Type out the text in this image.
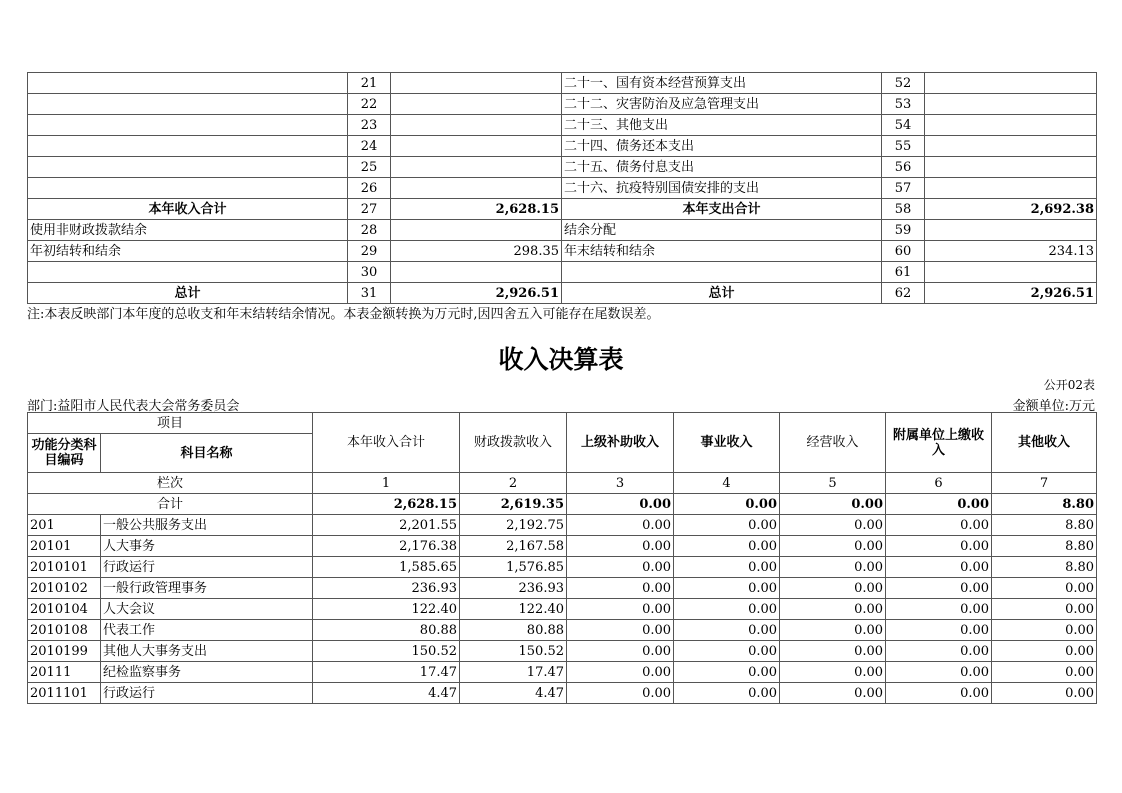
	21		二十一、国有资本经营预算支出	52	
	22		二十二、灾害防治及应急管理支出	53	
	23		二十三、其他支出	54	
	24		二十四、债务还本支出	55	
	25		二十五、债务付息支出	56	
	26		二十六、抗疫特别国债安排的支出	57	
本年收入合计	27	2,628.15	本年支出合计	58	2,692.38
使用非财政拨款结余	28		结余分配	59	
年初结转和结余	29	298.35	年末结转和结余	60	234.13
	30			61	
总计	31	2,926.51	总计	62	2,926.51
注:本表反映部门本年度的总收支和年末结转结余情况。本表金额转换为万元时,因四舍五入可能存在尾数误差。
收入决算表
公开02表
部门:益阳市人民代表大会常务委员会	金额单位:万元
项目		本年收入合计	财政拨款收入	上级补助收入	事业收入	经营收入	附属单位上缴收入	其他收入
功能分类科目编码	科目名称							
栏次		1	2	3	4	5	6	7
合计		2,628.15	2,619.35	0.00	0.00	0.00	0.00	8.80
201	一般公共服务支出	2,201.55	2,192.75	0.00	0.00	0.00	0.00	8.80
20101	人大事务	2,176.38	2,167.58	0.00	0.00	0.00	0.00	8.80
2010101	行政运行	1,585.65	1,576.85	0.00	0.00	0.00	0.00	8.80
2010102	一般行政管理事务	236.93	236.93	0.00	0.00	0.00	0.00	0.00
2010104	人大会议	122.40	122.40	0.00	0.00	0.00	0.00	0.00
2010108	代表工作	80.88	80.88	0.00	0.00	0.00	0.00	0.00
2010199	其他人大事务支出	150.52	150.52	0.00	0.00	0.00	0.00	0.00
20111	纪检监察事务	17.47	17.47	0.00	0.00	0.00	0.00	0.00
2011101	行政运行	4.47	4.47	0.00	0.00	0.00	0.00	0.00
